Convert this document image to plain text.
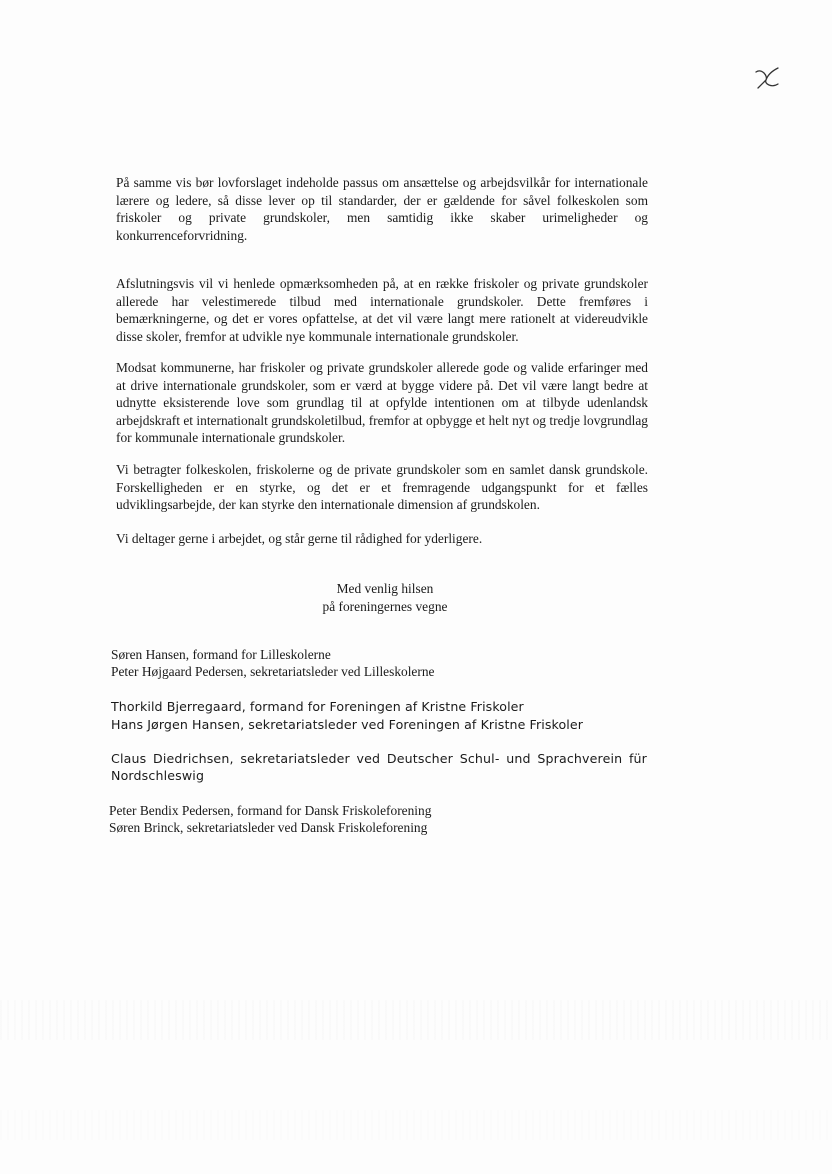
På samme vis bør lovforslaget indeholde passus om ansættelse og arbejdsvilkår for internationale lærere og ledere, så disse lever op til standarder, der er gældende for såvel folkeskolen som friskoler og private grundskoler, men samtidig ikke skaber urimeligheder og konkurrenceforvridning.

Afslutningsvis vil vi henlede opmærksomheden på, at en række friskoler og private grundskoler allerede har velestimerede tilbud med internationale grundskoler. Dette fremføres i bemærkningerne, og det er vores opfattelse, at det vil være langt mere rationelt at videreudvikle disse skoler, fremfor at udvikle nye kommunale internationale grundskoler.

Modsat kommunerne, har friskoler og private grundskoler allerede gode og valide erfaringer med at drive internationale grundskoler, som er værd at bygge videre på. Det vil være langt bedre at udnytte eksisterende love som grundlag til at opfylde intentionen om at tilbyde udenlandsk arbejdskraft et internationalt grundskoletilbud, fremfor at opbygge et helt nyt og tredje lovgrundlag for kommunale internationale grundskoler.

Vi betragter folkeskolen, friskolerne og de private grundskoler som en samlet dansk grundskole. Forskelligheden er en styrke, og det er et fremragende udgangspunkt for et fælles udviklingsarbejde, der kan styrke den internationale dimension af grundskolen.

Vi deltager gerne i arbejdet, og står gerne til rådighed for yderligere.

Med venlig hilsen
på foreningernes vegne
Søren Hansen, formand for Lilleskolerne
Peter Højgaard Pedersen, sekretariatsleder ved Lilleskolerne
Thorkild Bjerregaard, formand for Foreningen af Kristne Friskoler
Hans Jørgen Hansen, sekretariatsleder ved Foreningen af Kristne Friskoler

Claus Diedrichsen, sekretariatsleder ved Deutscher Schul- und Sprachverein für Nordschleswig

Peter Bendix Pedersen, formand for Dansk Friskoleforening
Søren Brinck, sekretariatsleder ved Dansk Friskoleforening
